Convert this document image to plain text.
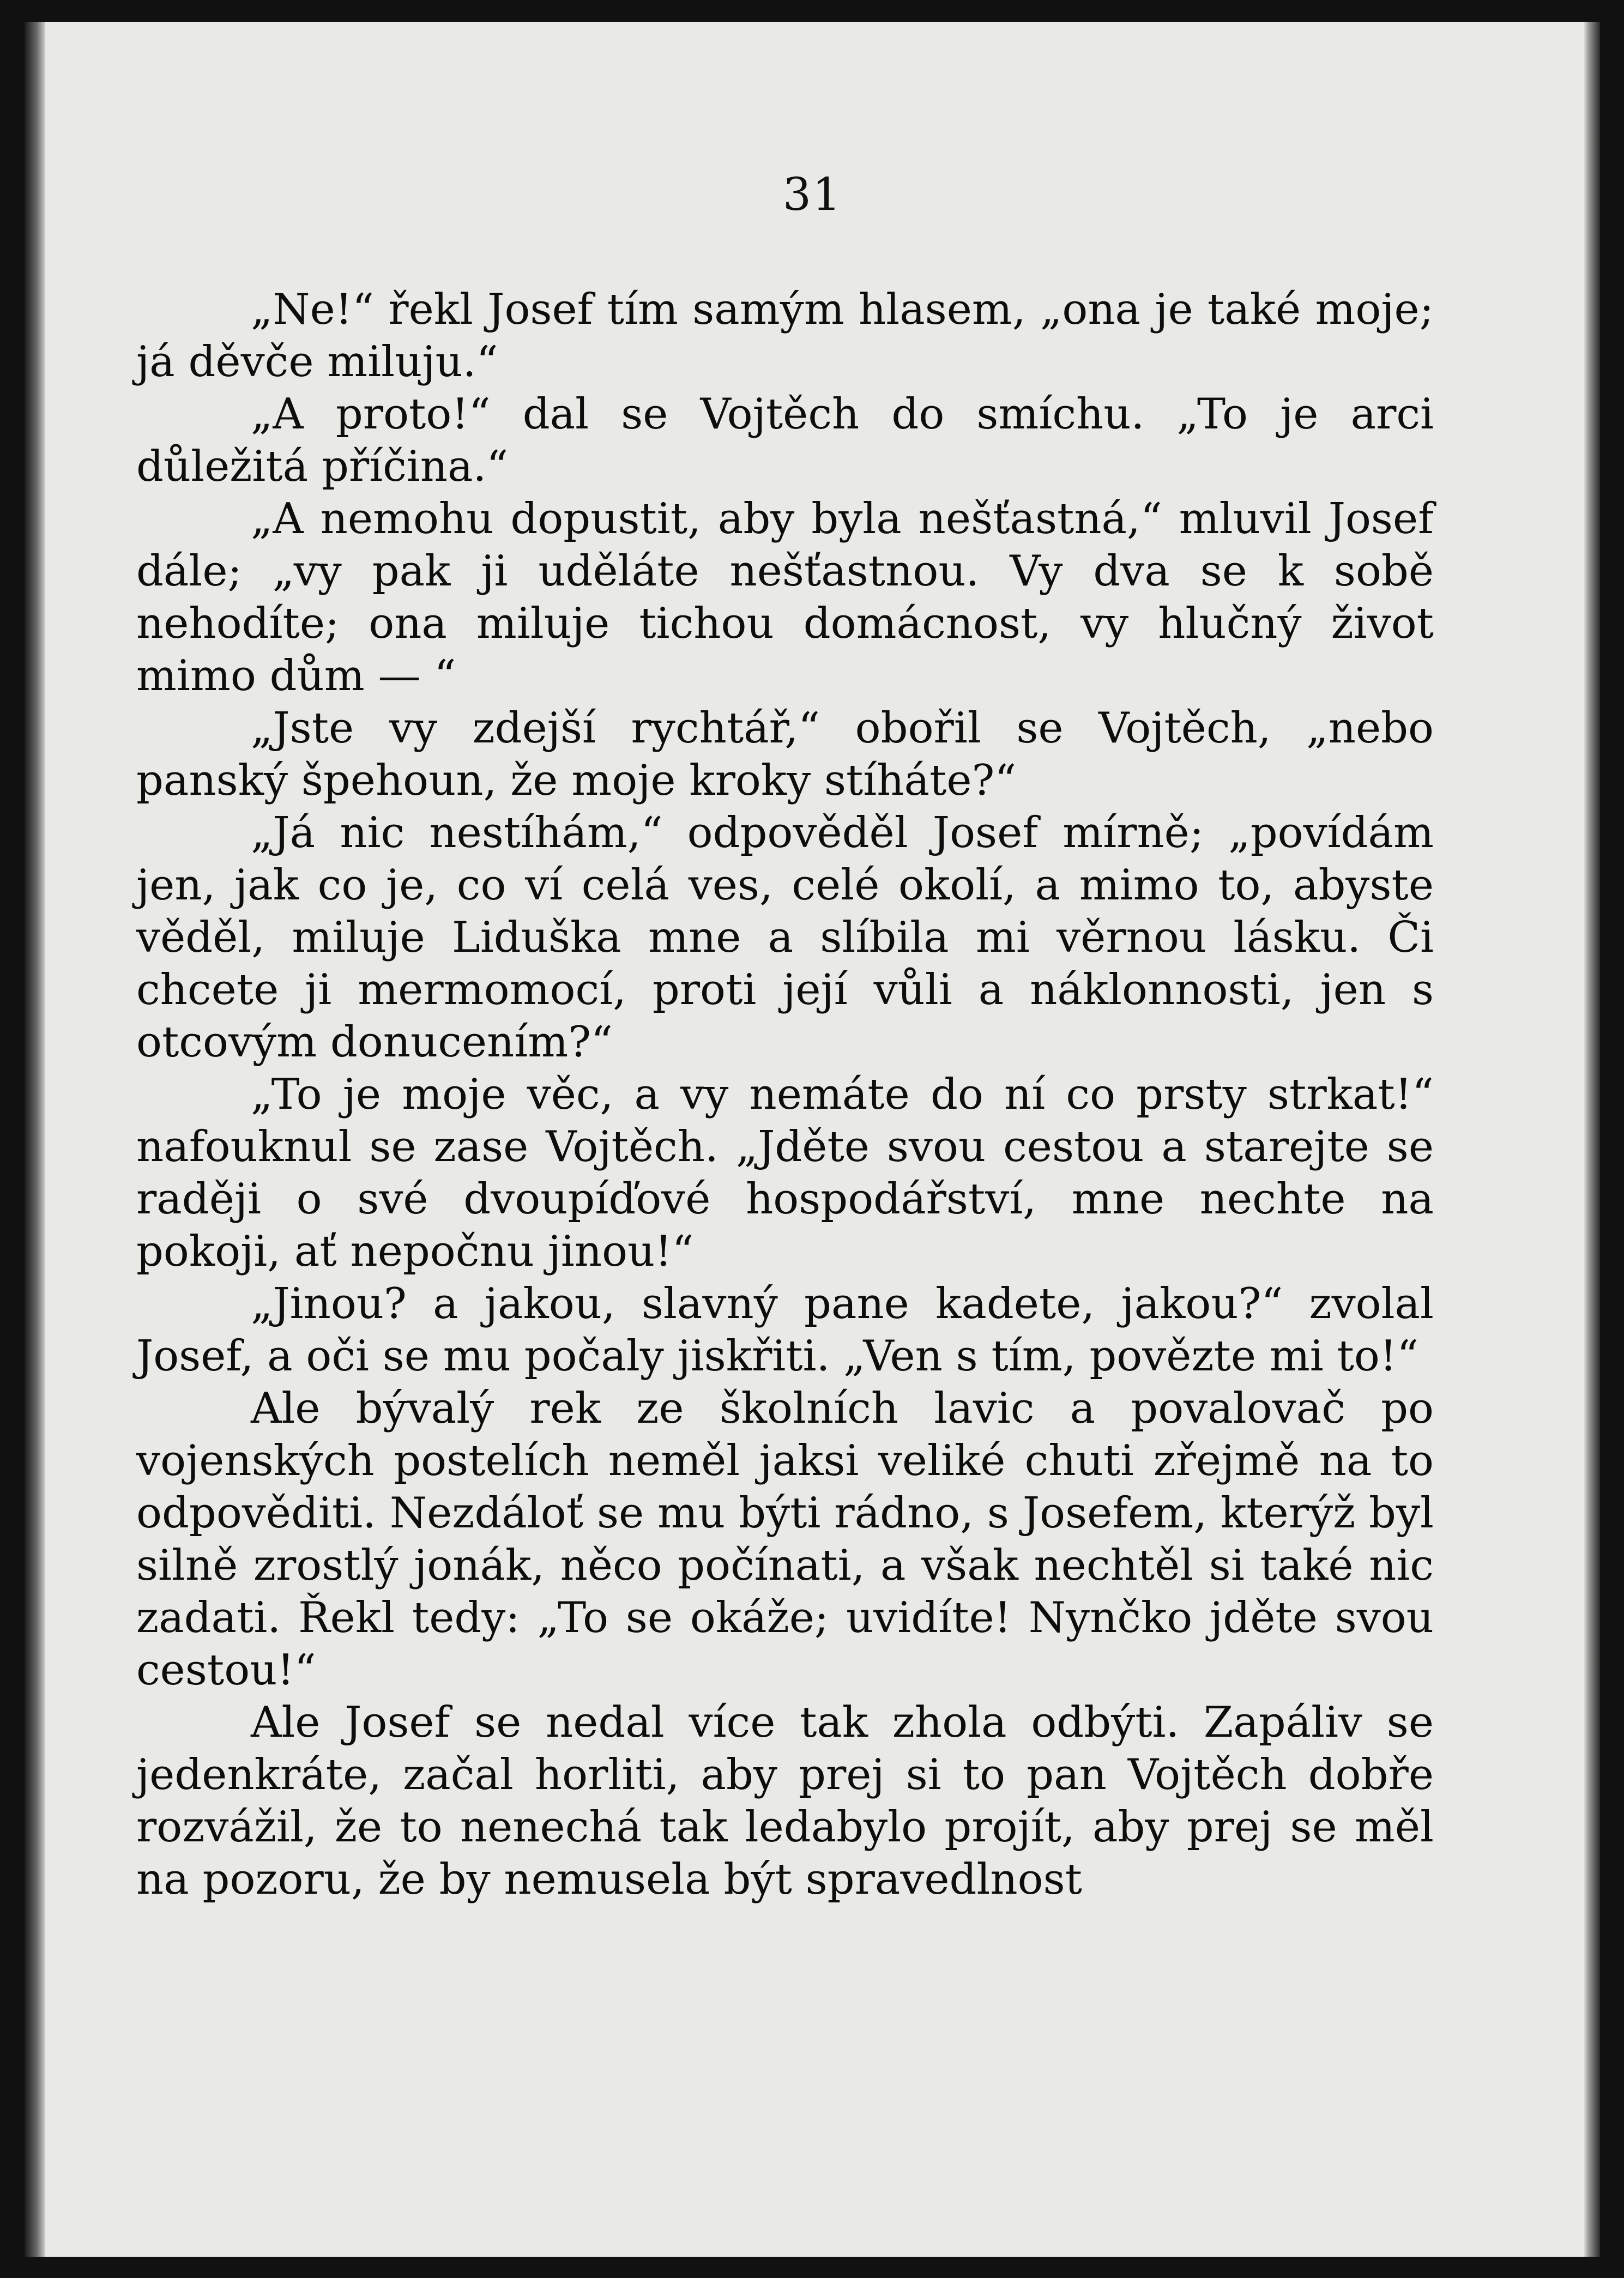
31

„Ne!“ řekl Josef tím samým hlasem, „ona je také moje; já děvče miluju.“

„A proto!“ dal se Vojtěch do smíchu. „To je arci důležitá příčina.“

„A nemohu dopustit, aby byla nešťastná,“ mluvil Josef dále; „vy pak ji uděláte nešťastnou. Vy dva se k sobě nehodíte; ona miluje tichou domácnost, vy hlučný život mimo dům — “

„Jste vy zdejší rychtář,“ obořil se Vojtěch, „nebo panský špehoun, že moje kroky stíháte?“

„Já nic nestíhám,“ odpověděl Josef mírně; „povídám jen, jak co je, co ví celá ves, celé okolí, a mimo to, abyste věděl, miluje Liduška mne a slíbila mi věrnou lásku. Či chcete ji mermomocí, proti její vůli a náklonnosti, jen s otcovým donucením?“

„To je moje věc, a vy nemáte do ní co prsty strkat!“ nafouknul se zase Vojtěch. „Jděte svou cestou a starejte se raději o své dvoupíďové hospodářství, mne nechte na pokoji, ať nepočnu jinou!“

„Jinou? a jakou, slavný pane kadete, jakou?“ zvolal Josef, a oči se mu počaly jiskřiti. „Ven s tím, povězte mi to!“

Ale bývalý rek ze školních lavic a povalovač po vojenských postelích neměl jaksi veliké chuti zřejmě na to odpověditi. Nezdáloť se mu býti rádno, s Josefem, kterýž byl silně zrostlý jonák, něco počínati, a však nechtěl si také nic zadati. Řekl tedy: „To se okáže; uvidíte! Nynčko jděte svou cestou!“

Ale Josef se nedal více tak zhola odbýti. Zapáliv se jedenkráte, začal horliti, aby prej si to pan Vojtěch dobře rozvážil, že to nenechá tak ledabylo projít, aby prej se měl na pozoru, že by nemusela být spravedlnost
